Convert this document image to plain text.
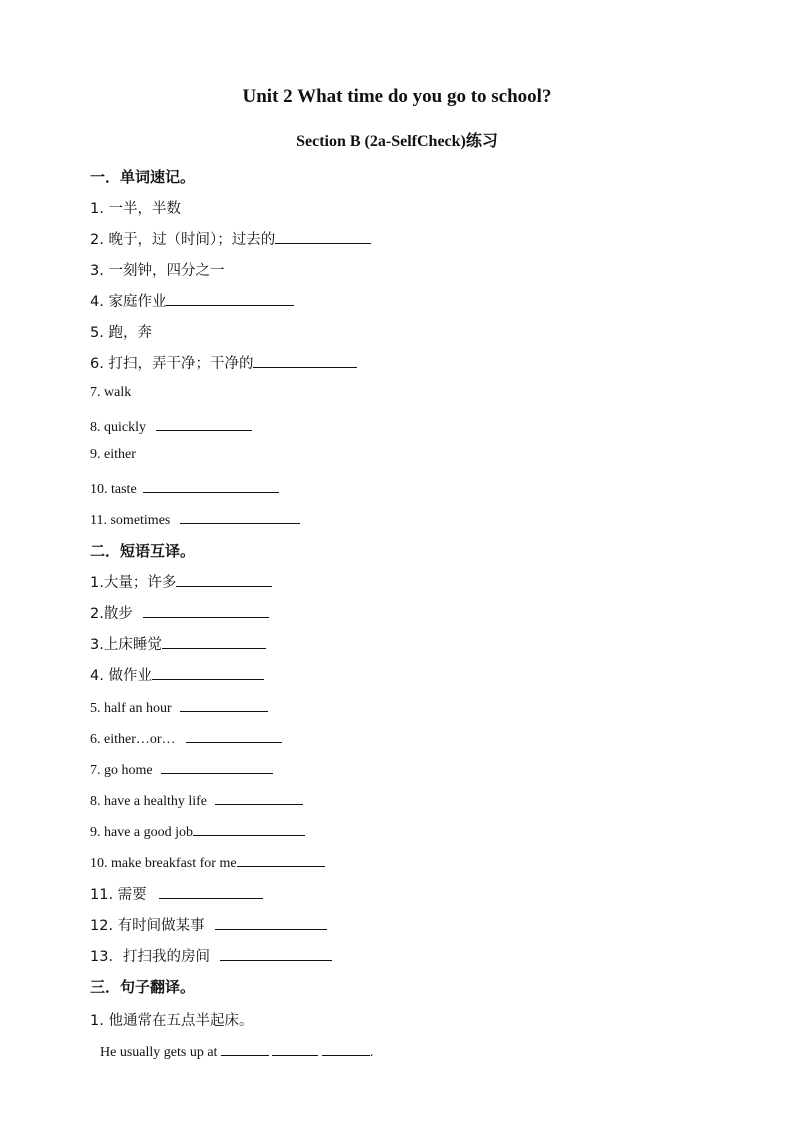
Unit 2 What time do you go to school?
Section B (2a-SelfCheck)练习
一．单词速记。
1. 一半，半数
2. 晚于，过（时间）；过去的
3. 一刻钟，四分之一
4. 家庭作业
5. 跑，奔
6. 打扫，弄干净；干净的
7. walk
8. quickly
9. either
10. taste
11. sometimes
二．短语互译。
1.大量；许多
2.散步
3.上床睡觉
4. 做作业
5. half an hour
6. either…or…
7. go home
8. have a healthy life
9. have a good job
10. make breakfast for me
11. 需要
12. 有时间做某事
13．打扫我的房间
三．句子翻译。
1. 他通常在五点半起床。
He usually gets up at	.
